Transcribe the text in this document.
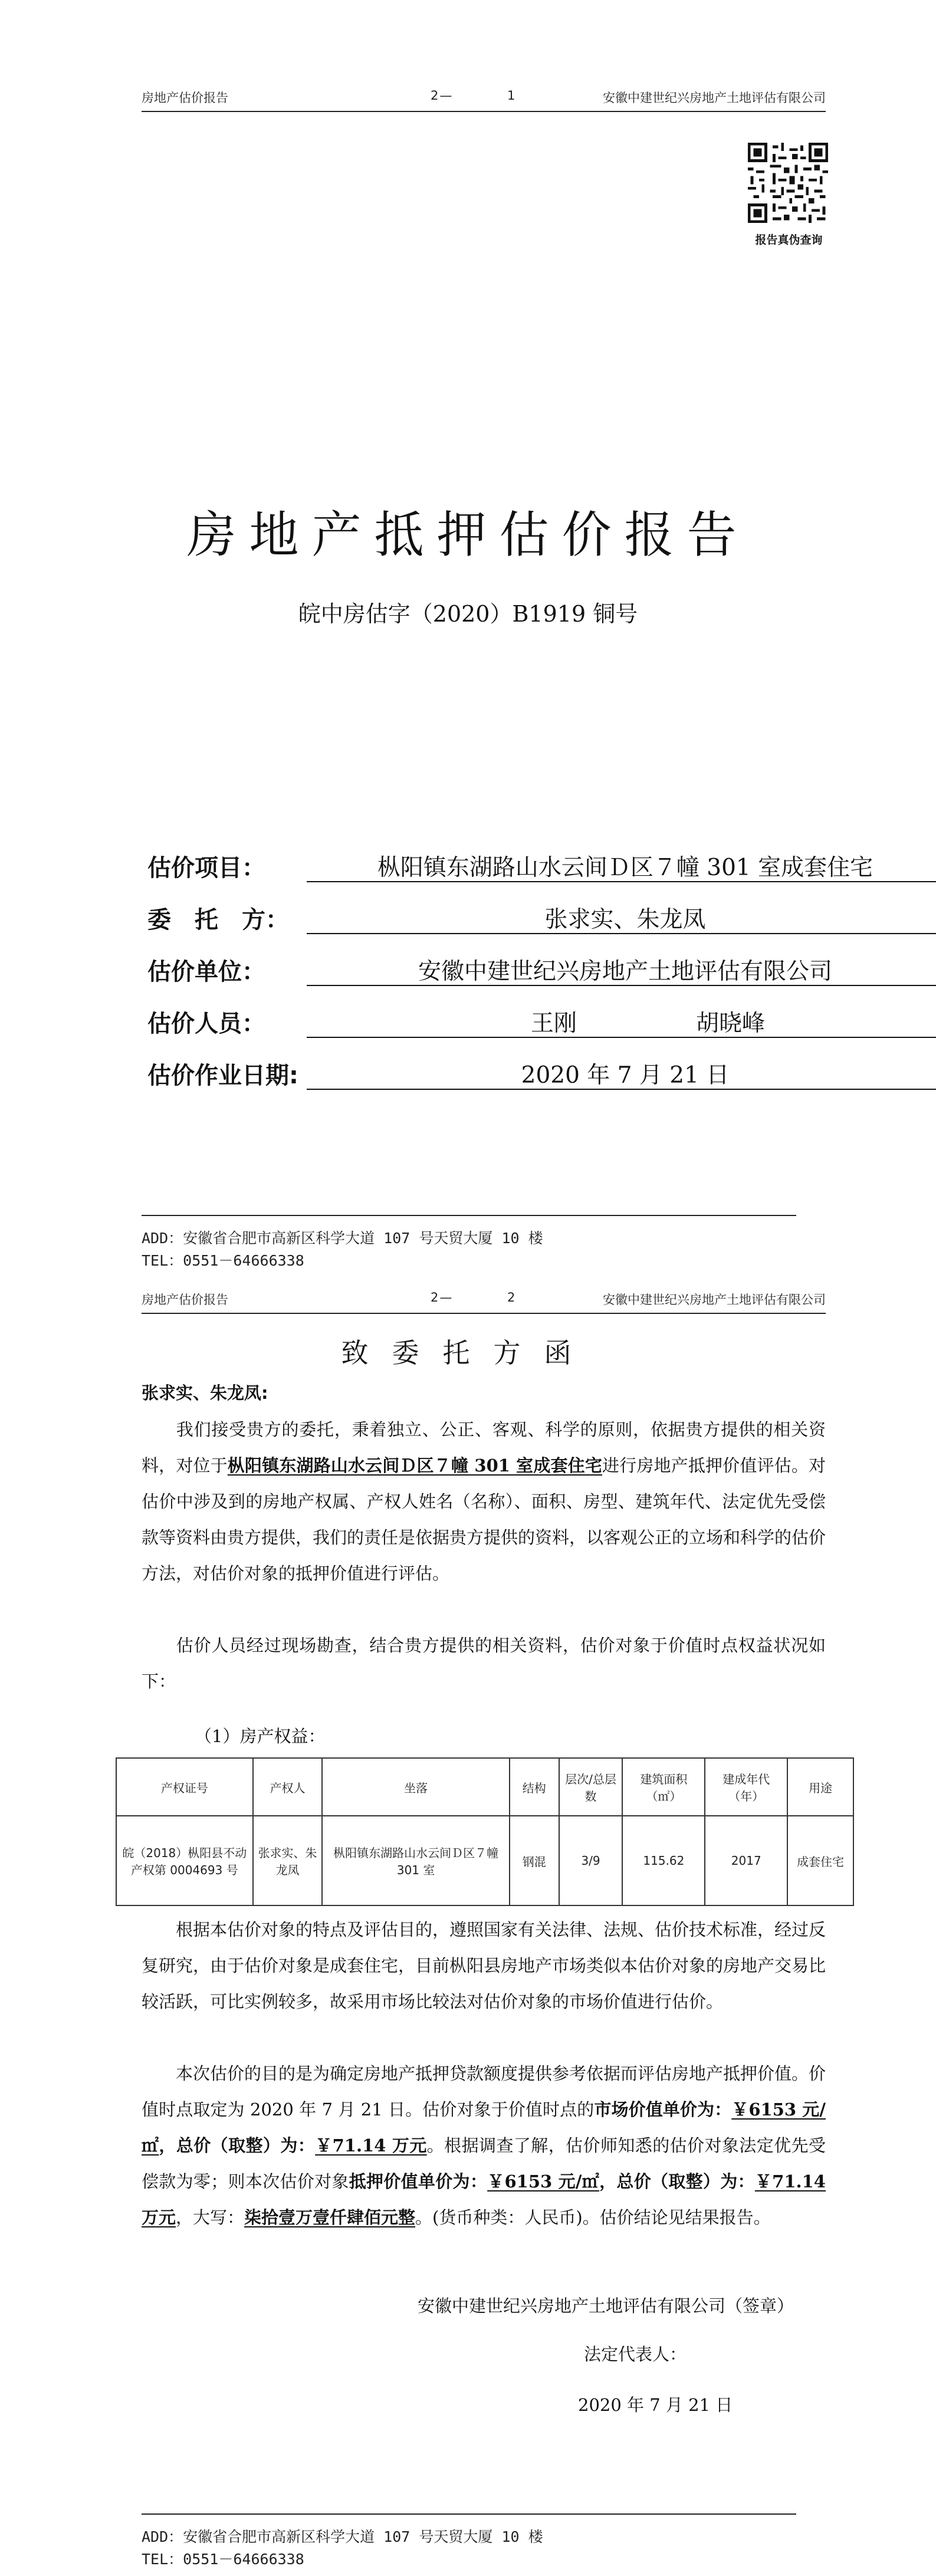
房地产估价报告	2—	1	安徽中建世纪兴房地产土地评估有限公司
报告真伪查询
房地产抵押估价报告
皖中房估字（2020）B1919 铜号
估价项目：	枞阳镇东湖路山水云间Ｄ区７幢 301 室成套住宅
委　托　方：	张求实、朱龙凤
估价单位：	安徽中建世纪兴房地产土地评估有限公司
估价人员：	王刚	胡晓峰
估价作业日期:	2020 年 7 月 21 日
ADD：安徽省合肥市高新区科学大道 107 号天贸大厦 10 楼
TEL：0551－64666338
房地产估价报告	2—	2	安徽中建世纪兴房地产土地评估有限公司
致委托方函
张求实、朱龙凤:
我们接受贵方的委托，秉着独立、公正、客观、科学的原则，依据贵方提供的相关资料，对位于枞阳镇东湖路山水云间Ｄ区７幢 301 室成套住宅进行房地产抵押价值评估。对估价中涉及到的房地产权属、产权人姓名（名称）、面积、房型、建筑年代、法定优先受偿款等资料由贵方提供，我们的责任是依据贵方提供的资料，以客观公正的立场和科学的估价方法，对估价对象的抵押价值进行评估。
估价人员经过现场勘查，结合贵方提供的相关资料，估价对象于价值时点权益状况如下：
（1）房产权益：
产权证号	产权人	坐落	结构	层次/总层数	建筑面积（㎡）	建成年代（年）	用途
皖（2018）枞阳县不动产权第 0004693 号	张求实、朱龙凤	枞阳镇东湖路山水云间Ｄ区７幢 301 室	钢混	3/9	115.62	2017	成套住宅
根据本估价对象的特点及评估目的，遵照国家有关法律、法规、估价技术标准，经过反复研究，由于估价对象是成套住宅，目前枞阳县房地产市场类似本估价对象的房地产交易比较活跃，可比实例较多，故采用市场比较法对估价对象的市场价值进行估价。
本次估价的目的是为确定房地产抵押贷款额度提供参考依据而评估房地产抵押价值。价值时点取定为 2020 年 7 月 21 日。估价对象于价值时点的市场价值单价为：￥6153 元/㎡，总价（取整）为：￥71.14 万元。根据调查了解，估价师知悉的估价对象法定优先受偿款为零；则本次估价对象抵押价值单价为：￥6153 元/㎡，总价（取整）为：￥71.14 万元，大写：柒拾壹万壹仟肆佰元整。(货币种类：人民币)。估价结论见结果报告。
安徽中建世纪兴房地产土地评估有限公司（签章）
法定代表人：
2020 年 7 月 21 日
ADD：安徽省合肥市高新区科学大道 107 号天贸大厦 10 楼
TEL：0551－64666338
